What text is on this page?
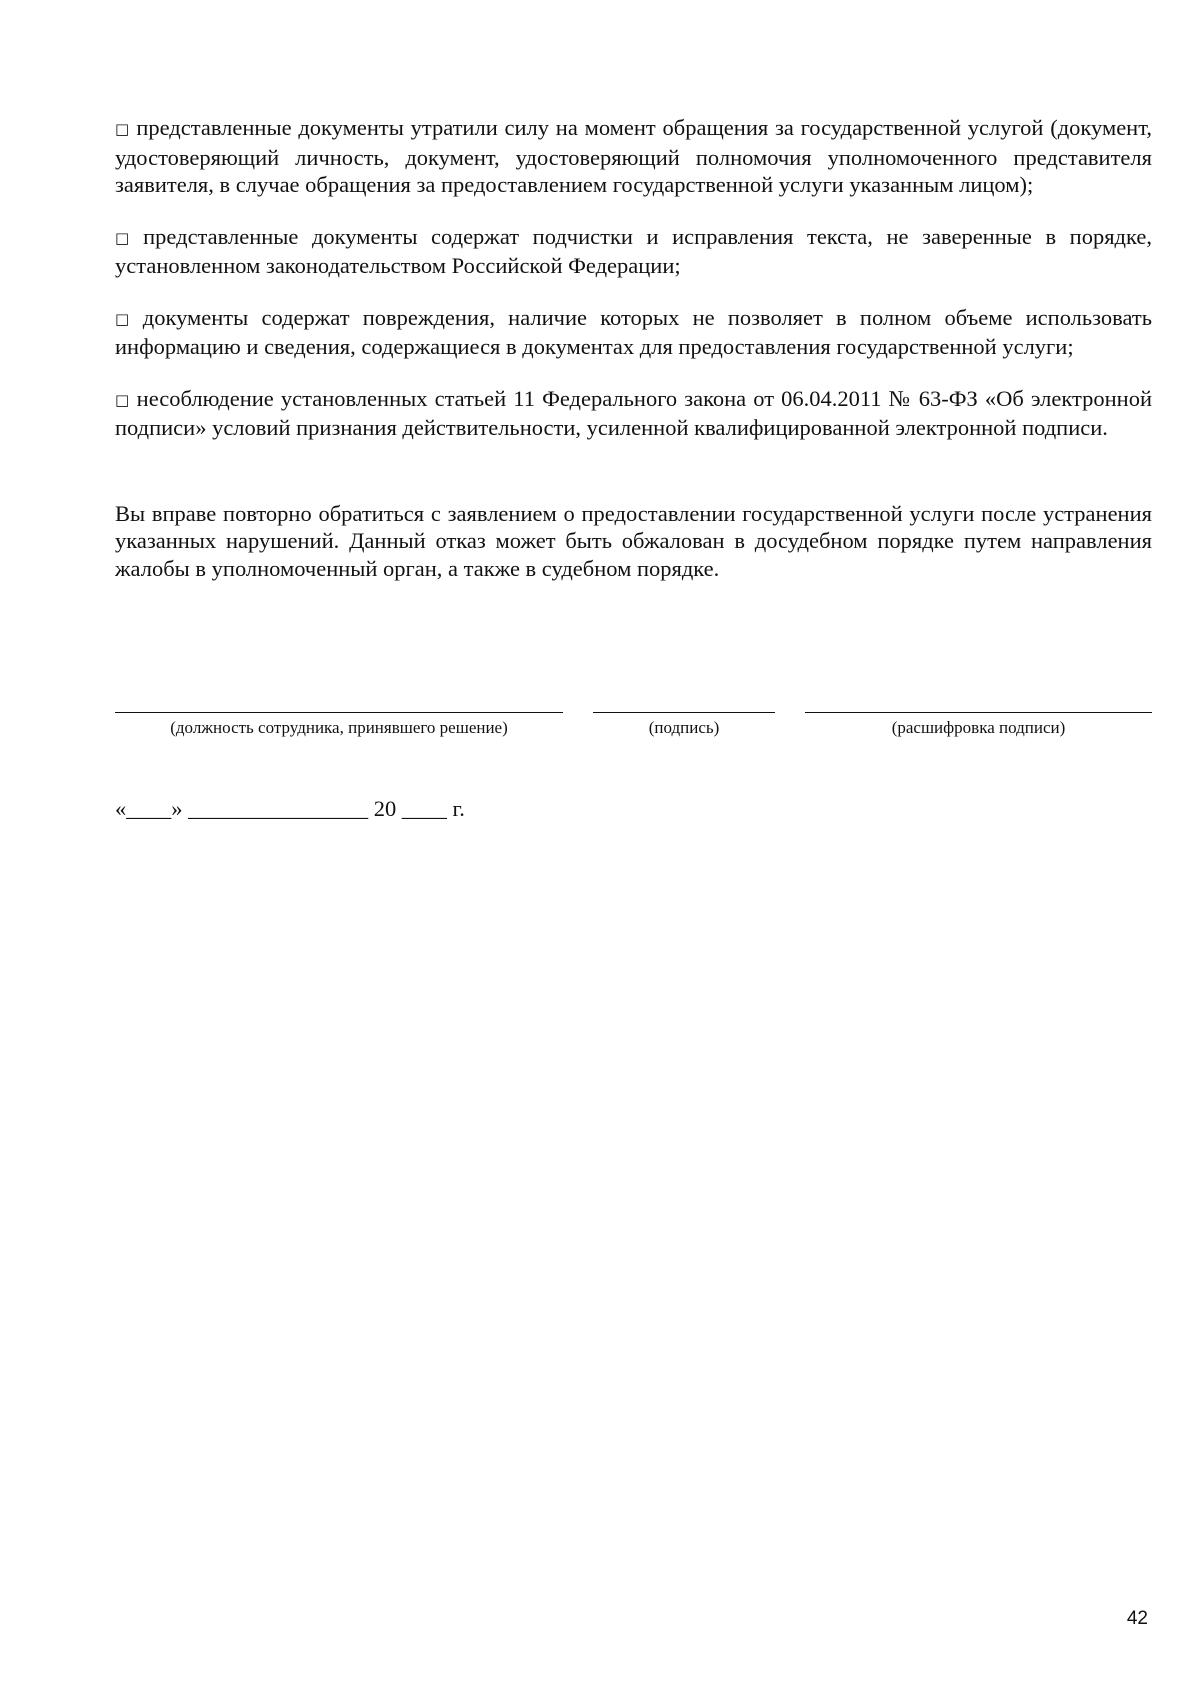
□ представленные документы утратили силу на момент обращения за государственной услугой (документ, удостоверяющий личность, документ, удостоверяющий полномочия уполномоченного представителя заявителя, в случае обращения за предоставлением государственной услуги указанным лицом);

□ представленные документы содержат подчистки и исправления текста, не заверенные в порядке, установленном законодательством Российской Федерации;

□ документы содержат повреждения, наличие которых не позволяет в полном объеме использовать информацию и сведения, содержащиеся в документах для предоставления государственной услуги;

□ несоблюдение установленных статьей 11 Федерального закона от 06.04.2011 № 63-ФЗ «Об электронной подписи» условий признания действительности, усиленной квалифицированной электронной подписи.

Вы вправе повторно обратиться с заявлением о предоставлении государственной услуги после устранения указанных нарушений. Данный отказ может быть обжалован в досудебном порядке путем направления жалобы в уполномоченный орган, а также в судебном порядке.

(должность сотрудника, принявшего решение)	(подпись)	(расшифровка подписи)
«____» ________________ 20 ____ г.
42
